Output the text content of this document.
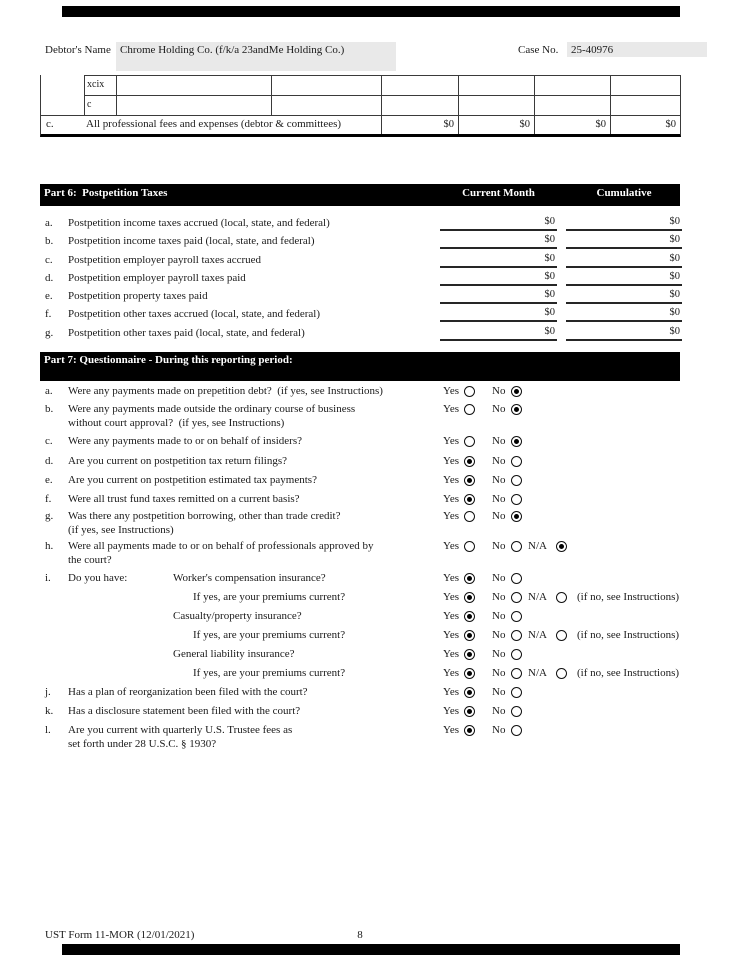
Debtor's Name Chrome Holding Co. (f/k/a 23andMe Holding Co.)	Case No. 25-40976
xcix
c
c.	All professional fees and expenses (debtor & committees)	$0	$0	$0	$0
Part 6:  Postpetition Taxes	Current Month	Cumulative
a. Postpetition income taxes accrued (local, state, and federal)	$0	$0
b. Postpetition income taxes paid (local, state, and federal)	$0	$0
c. Postpetition employer payroll taxes accrued	$0	$0
d. Postpetition employer payroll taxes paid	$0	$0
e. Postpetition property taxes paid	$0	$0
f. Postpetition other taxes accrued (local, state, and federal)	$0	$0
g. Postpetition other taxes paid (local, state, and federal)	$0	$0
Part 7: Questionnaire - During this reporting period:
a. Were any payments made on prepetition debt?  (if yes, see Instructions)	Yes	No
b. Were any payments made outside the ordinary course of business
without court approval?  (if yes, see Instructions)
Yes	No
c. Were any payments made to or on behalf of insiders?	Yes	No
d. Are you current on postpetition tax return filings?	Yes	No
e. Are you current on postpetition estimated tax payments?	Yes	No
f. Were all trust fund taxes remitted on a current basis?	Yes	No
g. Was there any postpetition borrowing, other than trade credit?
(if yes, see Instructions)
Yes	No
h. Were all payments made to or on behalf of professionals approved by
the court?
Yes	No N/A
i. Do you have:	Worker's compensation insurance?	Yes	No
If yes, are your premiums current?	Yes	No N/A	(if no, see Instructions)
Casualty/property insurance?	Yes	No
If yes, are your premiums current?	Yes	No N/A	(if no, see Instructions)
General liability insurance?	Yes	No
If yes, are your premiums current?	Yes	No N/A	(if no, see Instructions)
j. Has a plan of reorganization been filed with the court?	Yes	No
k. Has a disclosure statement been filed with the court?	Yes	No
l. Are you current with quarterly U.S. Trustee fees as
set forth under 28 U.S.C. § 1930?
Yes	No
UST Form 11-MOR (12/01/2021)	8
